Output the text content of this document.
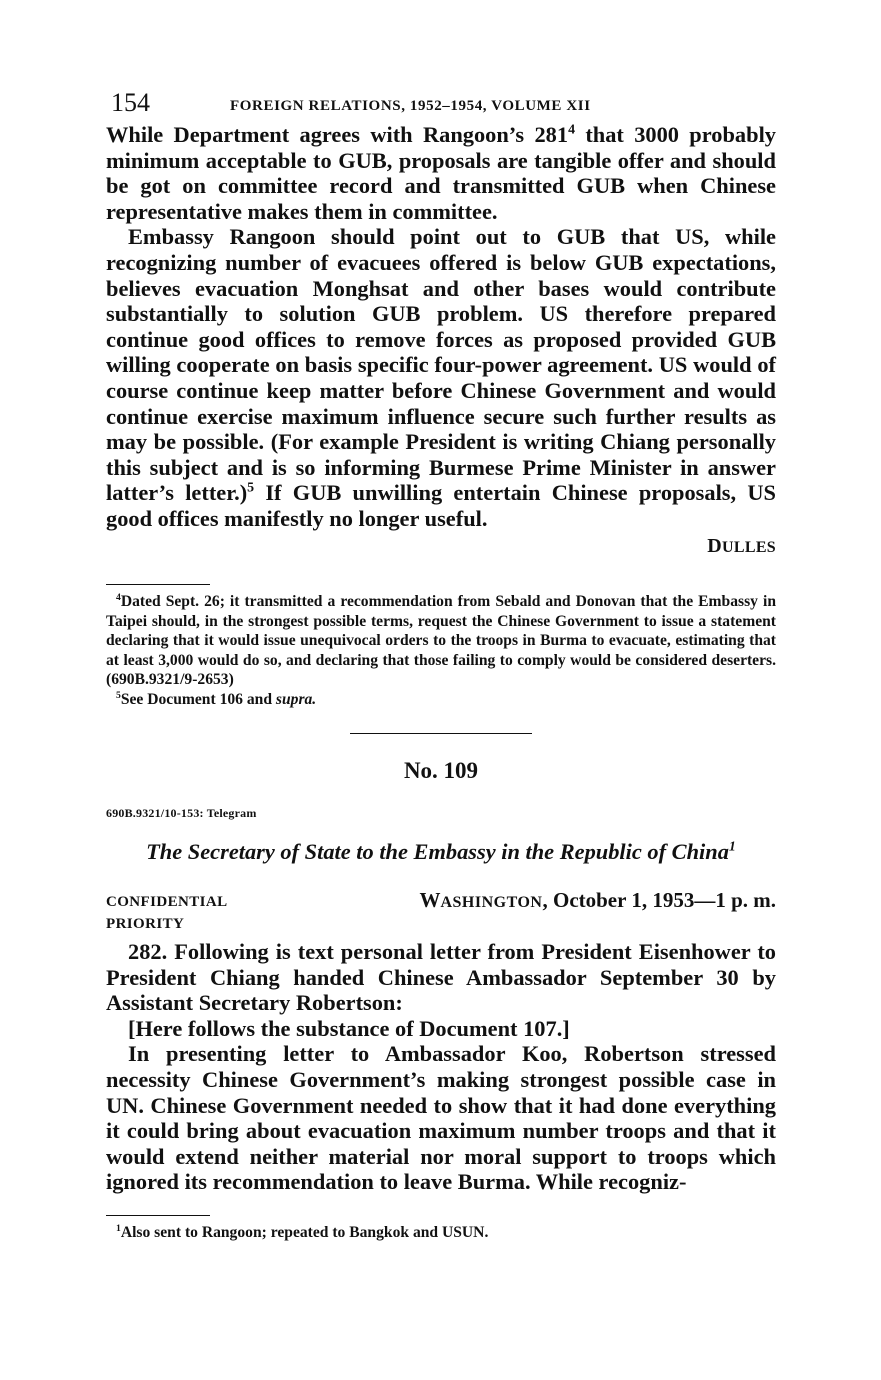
154	FOREIGN RELATIONS, 1952–1954, VOLUME XII

While Department agrees with Rangoon’s $281^4$ that 3000 probably minimum acceptable to GUB, proposals are tangible offer and should be got on committee record and transmitted GUB when Chinese representative makes them in committee.

Embassy Rangoon should point out to GUB that US, while recognizing number of evacuees offered is below GUB expectations, believes evacuation Monghsat and other bases would contribute substantially to solution GUB problem. US therefore prepared continue good offices to remove forces as proposed provided GUB willing cooperate on basis specific four-power agreement. US would of course continue keep matter before Chinese Government and would continue exercise maximum influence secure such further results as may be possible. (For example President is writing Chiang personally this subject and is so informing Burmese Prime Minister in answer latter’s letter.)$^5$ If GUB unwilling entertain Chinese proposals, US good offices manifestly no longer useful.

DULLES

$^4$Dated Sept. 26; it transmitted a recommendation from Sebald and Donovan that the Embassy in Taipei should, in the strongest possible terms, request the Chinese Government to issue a statement declaring that it would issue unequivocal orders to the troops in Burma to evacuate, estimating that at least 3,000 would do so, and declaring that those failing to comply would be considered deserters. (690B.9321/9-2653)

$^5$See Document 106 and supra.

No. 109
690B.9321/10-153: Telegram
The Secretary of State to the Embassy in the Republic of China$^1$
CONFIDENTIAL
PRIORITY
WASHINGTON, October 1, 1953—1 p. m.

282. Following is text personal letter from President Eisenhower to President Chiang handed Chinese Ambassador September 30 by Assistant Secretary Robertson:

[Here follows the substance of Document 107.]

In presenting letter to Ambassador Koo, Robertson stressed necessity Chinese Government’s making strongest possible case in UN. Chinese Government needed to show that it had done everything it could bring about evacuation maximum number troops and that it would extend neither material nor moral support to troops which ignored its recommendation to leave Burma. While recogniz-

$^1$Also sent to Rangoon; repeated to Bangkok and USUN.
